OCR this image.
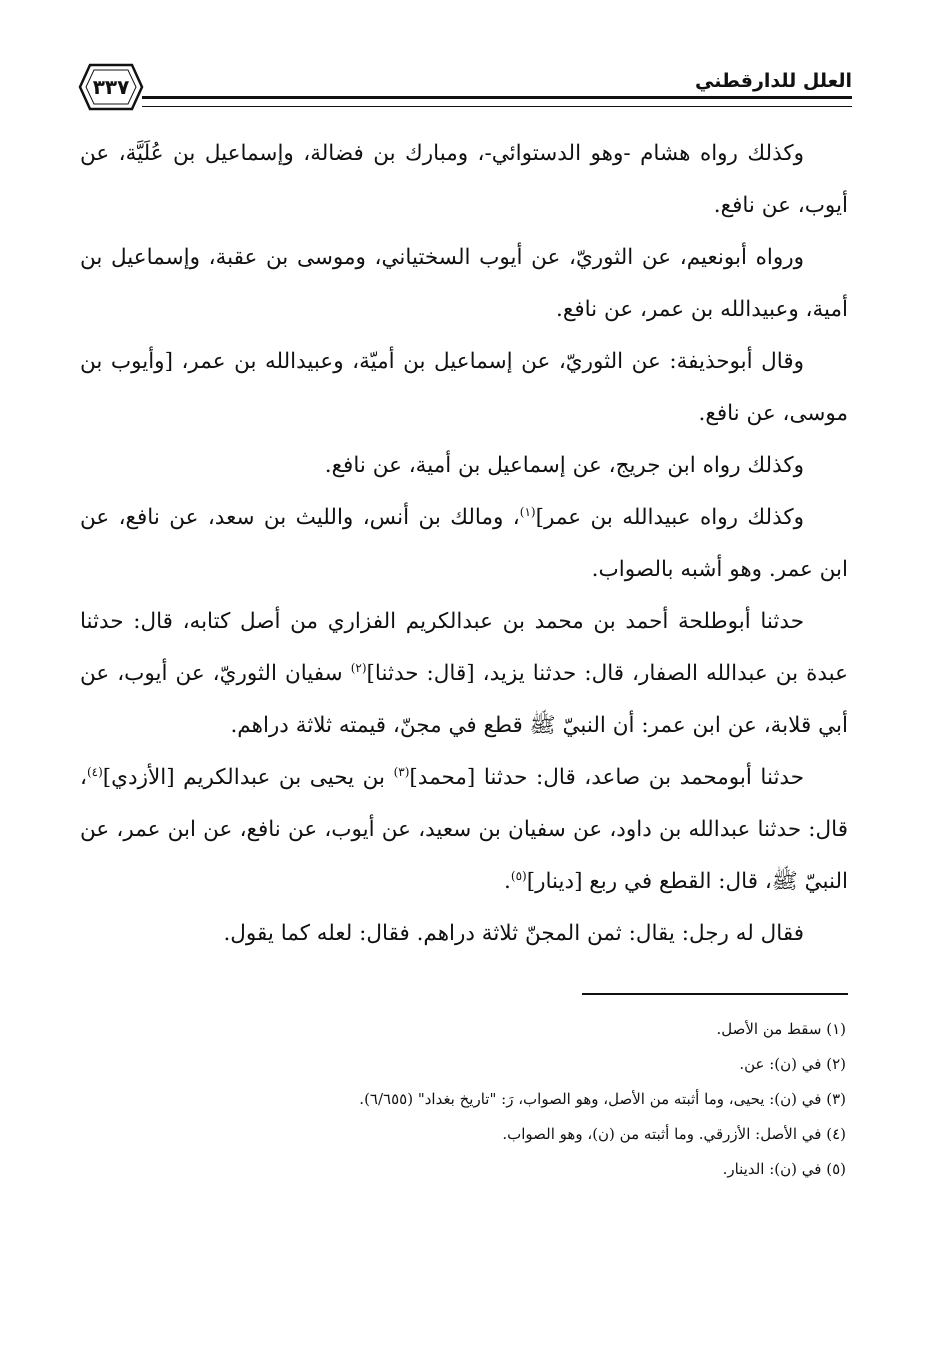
العلل للدارقطني
٣٣٧

وكذلك رواه هشام -وهو الدستوائي-، ومبارك بن فضالة، وإسماعيل بن عُلَيَّة، عن أيوب، عن نافع.

ورواه أبونعيم، عن الثوريّ، عن أيوب السختياني، وموسى بن عقبة، وإسماعيل بن أمية، وعبيدالله بن عمر، عن نافع.

وقال أبوحذيفة: عن الثوريّ، عن إسماعيل بن أميّة، وعبيدالله بن عمر، [وأيوب بن موسى، عن نافع.

وكذلك رواه ابن جريج، عن إسماعيل بن أمية، عن نافع.

وكذلك رواه عبيدالله بن عمر]$^{(١)}$، ومالك بن أنس، والليث بن سعد، عن نافع، عن ابن عمر. وهو أشبه بالصواب.

حدثنا أبوطلحة أحمد بن محمد بن عبدالكريم الفزاري من أصل كتابه، قال: حدثنا عبدة بن عبدالله الصفار، قال: حدثنا يزيد، [قال: حدثنا]$^{(٢)}$ سفيان الثوريّ، عن أيوب، عن أبي قلابة، عن ابن عمر: أن النبيّ ﷺ قطع في مجنّ، قيمته ثلاثة دراهم.

حدثنا أبومحمد بن صاعد، قال: حدثنا [محمد]$^{(٣)}$ بن يحيى بن عبدالكريم [الأزدي]$^{(٤)}$، قال: حدثنا عبدالله بن داود، عن سفيان بن سعيد، عن أيوب، عن نافع، عن ابن عمر، عن النبيّ ﷺ، قال: القطع في ربع [دينار]$^{(٥)}$.

فقال له رجل: يقال: ثمن المجنّ ثلاثة دراهم. فقال: لعله كما يقول.

(١) سقط من الأصل.

(٢) في (ن): عن.

(٣) في (ن): يحيى، وما أثبته من الأصل، وهو الصواب، رَ: "تاريخ بغداد" (٦/٦٥٥).

(٤) في الأصل: الأزرقي. وما أثبته من (ن)، وهو الصواب.

(٥) في (ن): الدينار.
